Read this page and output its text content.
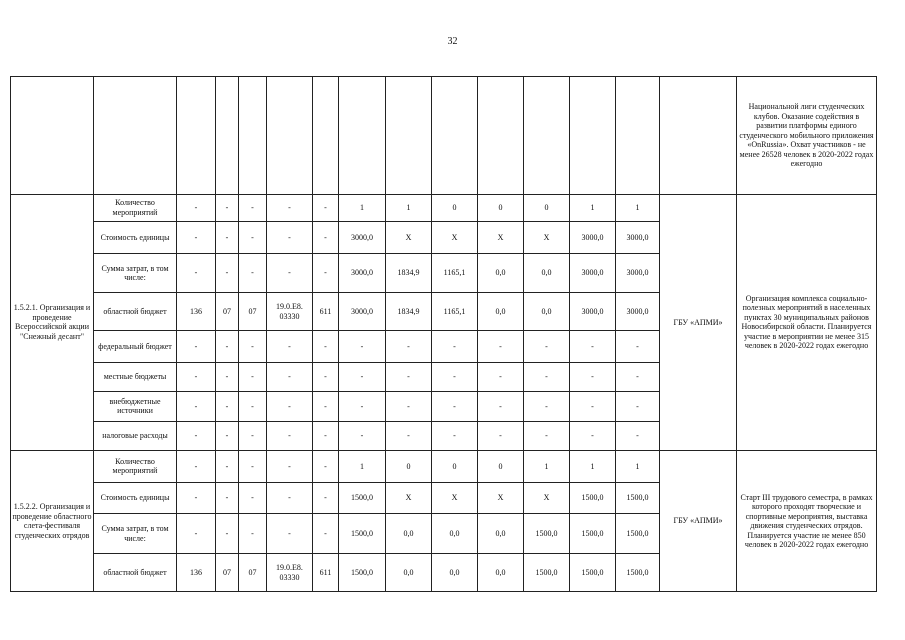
32
															Национальной лиги студенческих клубов. Оказание содействия в развитии платформы единого студенческого мобильного приложения «OnRussia». Охват участников - не менее 26528 человек в 2020-2022 годах ежегодно
1.5.2.1. Организация и проведение Всероссийской акции "Снежный десант"	Количество мероприятий	-	-	-	-	-	1	1	0	0	0	1	1	ГБУ «АПМИ»	Организация комплекса социально-полезных мероприятий в населенных пунктах 30 муниципальных районов Новосибирской области. Планируется участие в мероприятии не менее 315 человек в 2020-2022 годах ежегодно
	Стоимость единицы	-	-	-	-	-	3000,0	Х	Х	Х	Х	3000,0	3000,0		
	Сумма затрат, в том числе:	-	-	-	-	-	3000,0	1834,9	1165,1	0,0	0,0	3000,0	3000,0		
	областной бюджет	136	07	07	19.0.E8. 03330	611	3000,0	1834,9	1165,1	0,0	0,0	3000,0	3000,0		
	федеральный бюджет	-	-	-	-	-	-	-	-	-	-	-	-		
	местные бюджеты	-	-	-	-	-	-	-	-	-	-	-	-		
	внебюджетные источники	-	-	-	-	-	-	-	-	-	-	-	-		
	налоговые расходы	-	-	-	-	-	-	-	-	-	-	-	-		
1.5.2.2. Организация и проведение областного слета-фестиваля студенческих отрядов	Количество мероприятий	-	-	-	-	-	1	0	0	0	1	1	1	ГБУ «АПМИ»	Старт III трудового семестра, в рамках которого проходят творческие и спортивные мероприятия, выставка движения студенческих отрядов. Планируется участие не менее 850 человек в 2020-2022 годах ежегодно
	Стоимость единицы	-	-	-	-	-	1500,0	Х	Х	Х	Х	1500,0	1500,0		
	Сумма затрат, в том числе:	-	-	-	-	-	1500,0	0,0	0,0	0,0	1500,0	1500,0	1500,0		
	областной бюджет	136	07	07	19.0.E8. 03330	611	1500,0	0,0	0,0	0,0	1500,0	1500,0	1500,0		
